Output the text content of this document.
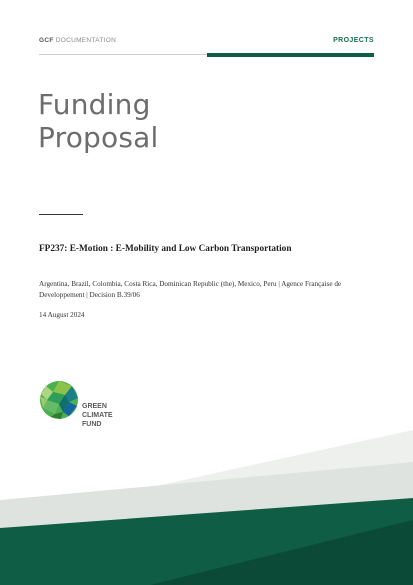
GCF DOCUMENTATION	PROJECTS
Funding
Proposal
FP237: E-Motion : E-Mobility and Low Carbon Transportation
Argentina, Brazil, Colombia, Costa Rica, Dominican Republic (the), Mexico, Peru | Agence Française de Developpement | Decision B.39/06
14 August 2024
GREEN
CLIMATE
FUND
